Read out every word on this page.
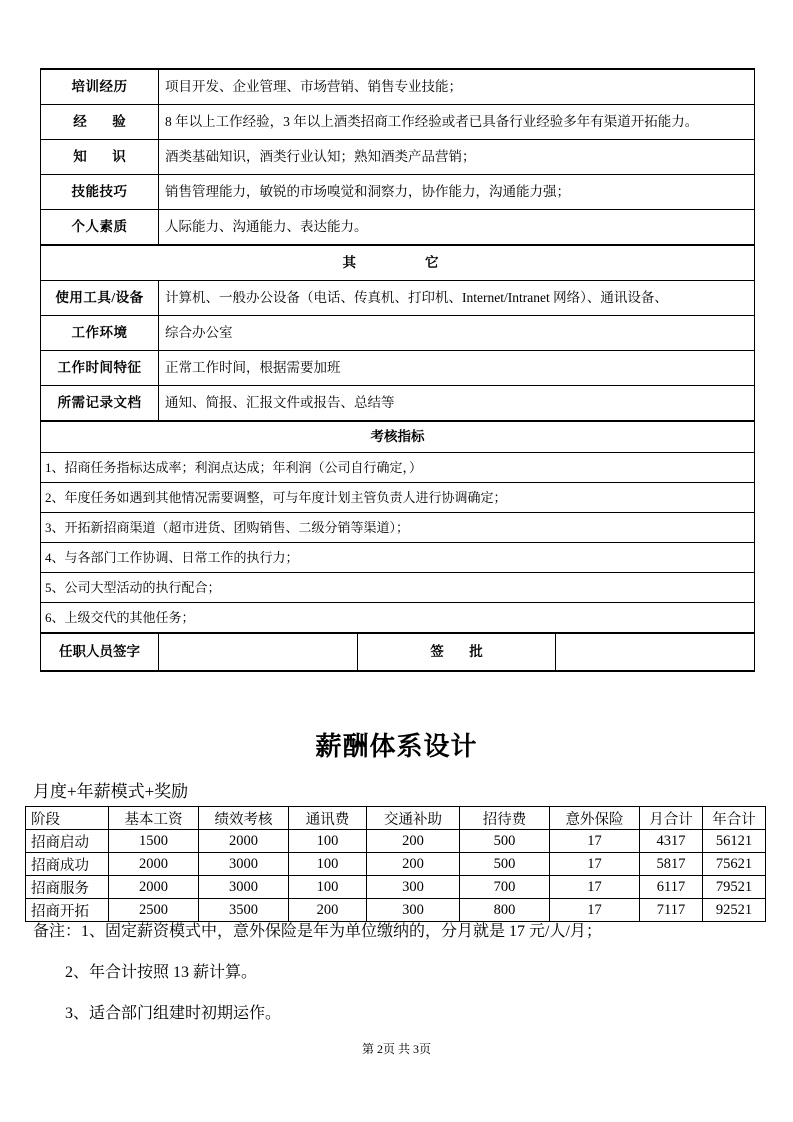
培训经历	项目开发、企业管理、市场营销、销售专业技能；		
经　验	8 年以上工作经验，3 年以上酒类招商工作经验或者已具备行业经验多年有渠道开拓能力。		
知　识	酒类基础知识，酒类行业认知；熟知酒类产品营销；		
技能技巧	销售管理能力，敏锐的市场嗅觉和洞察力，协作能力，沟通能力强；		
个人素质	人际能力、沟通能力、表达能力。		
其　　它			
使用工具/设备	计算机、一般办公设备（电话、传真机、打印机、Internet/Intranet 网络）、通讯设备、		
工作环境	综合办公室		
工作时间特征	正常工作时间，根据需要加班		
所需记录文档	通知、简报、汇报文件或报告、总结等		
考核指标			
1、招商任务指标达成率；利润点达成；年利润（公司自行确定，）			
2、年度任务如遇到其他情况需要调整，可与年度计划主管负责人进行协调确定；			
3、开拓新招商渠道（超市进货、团购销售、二级分销等渠道）；			
4、与各部门工作协调、日常工作的执行力；			
5、公司大型活动的执行配合；			
6、上级交代的其他任务；			
任职人员签字		签　批	
薪酬体系设计
月度+年薪模式+奖励
阶段	基本工资	绩效考核	通讯费	交通补助	招待费	意外保险	月合计	年合计
招商启动	1500	2000	100	200	500	17	4317	56121
招商成功	2000	3000	100	200	500	17	5817	75621
招商服务	2000	3000	100	300	700	17	6117	79521
招商开拓	2500	3500	200	300	800	17	7117	92521
备注：1、固定薪资模式中，意外保险是年为单位缴纳的，分月就是 17 元/人/月；
2、年合计按照 13 薪计算。
3、适合部门组建时初期运作。
第 2页 共 3页
